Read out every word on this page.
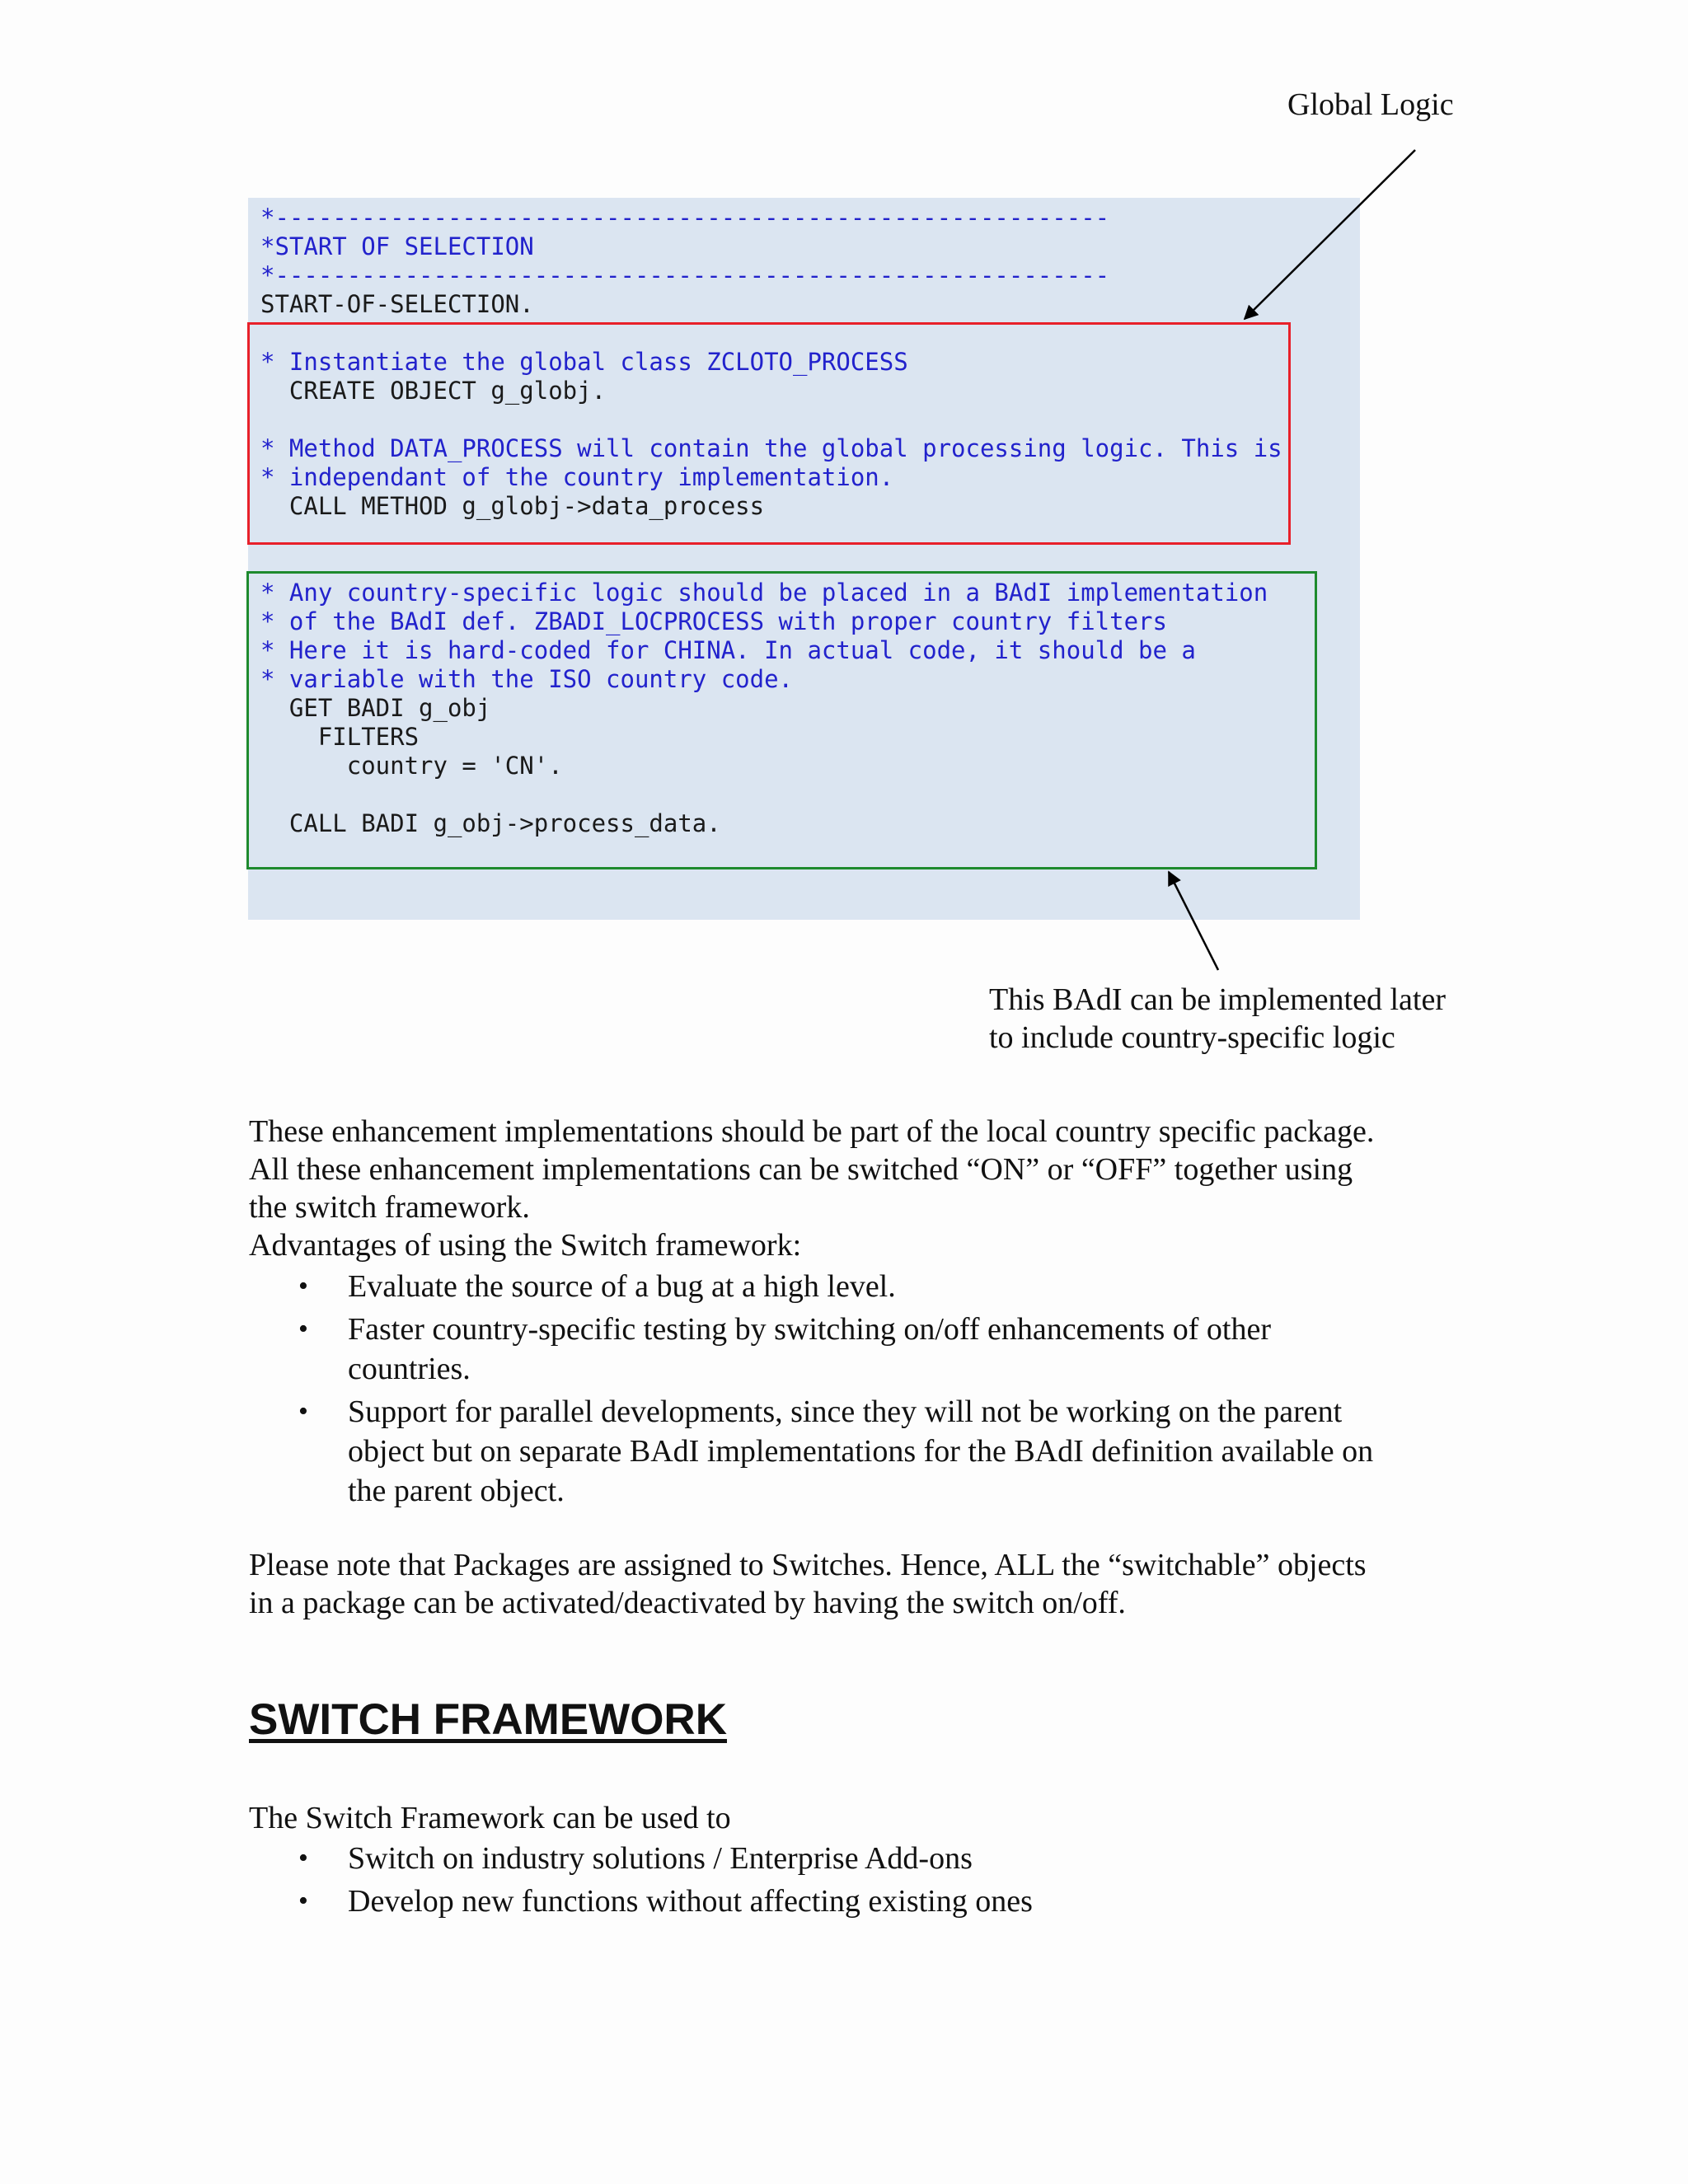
Global Logic
*----------------------------------------------------------
*START OF SELECTION
*----------------------------------------------------------
START-OF-SELECTION.

* Instantiate the global class ZCLOTO_PROCESS
CREATE OBJECT g_globj.

* Method DATA_PROCESS will contain the global processing logic. This is
* independant of the country implementation.
CALL METHOD g_globj->data_process

* Any country-specific logic should be placed in a BAdI implementation
* of the BAdI def. ZBADI_LOCPROCESS with proper country filters
* Here it is hard-coded for CHINA. In actual code, it should be a
* variable with the ISO country code.
GET BADI g_obj
FILTERS
country = 'CN'.

CALL BADI g_obj->process_data.
This BAdI can be implemented later
to include country-specific logic
These enhancement implementations should be part of the local country specific package.
All these enhancement implementations can be switched “ON” or “OFF” together using
the switch framework.
Advantages of using the Switch framework:
• Evaluate the source of a bug at a high level.
• Faster country-specific testing by switching on/off enhancements of other
countries.
• Support for parallel developments, since they will not be working on the parent
object but on separate BAdI implementations for the BAdI definition available on
the parent object.
Please note that Packages are assigned to Switches. Hence, ALL the “switchable” objects
in a package can be activated/deactivated by having the switch on/off.
SWITCH FRAMEWORK
The Switch Framework can be used to
• Switch on industry solutions / Enterprise Add-ons
• Develop new functions without affecting existing ones
